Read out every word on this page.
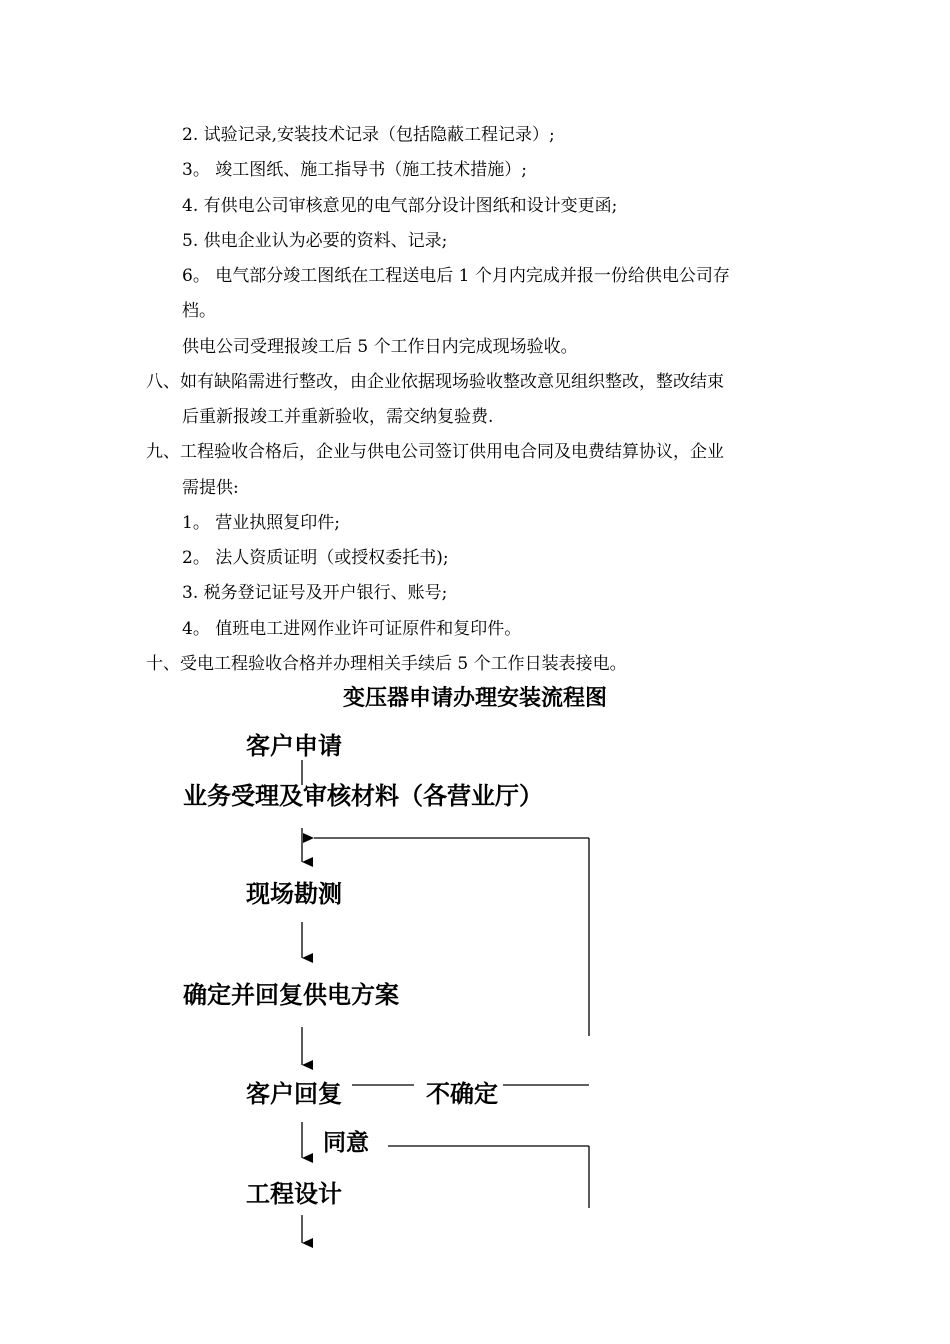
2. 试验记录,安装技术记录（包括隐蔽工程记录）;
3。 竣工图纸、施工指导书（施工技术措施）;
4. 有供电公司审核意见的电气部分设计图纸和设计变更函;
5. 供电企业认为必要的资料、记录;
6。 电气部分竣工图纸在工程送电后 1 个月内完成并报一份给供电公司存
档。
供电公司受理报竣工后 5 个工作日内完成现场验收。
八、如有缺陷需进行整改，由企业依据现场验收整改意见组织整改，整改结束
后重新报竣工并重新验收，需交纳复验费.
九、工程验收合格后，企业与供电公司签订供用电合同及电费结算协议，企业
需提供:
1。 营业执照复印件;
2。 法人资质证明（或授权委托书);
3. 税务登记证号及开户银行、账号;
4。 值班电工进网作业许可证原件和复印件。
十、受电工程验收合格并办理相关手续后 5 个工作日装表接电。
变压器申请办理安装流程图
客户申请
业务受理及审核材料（各营业厅）
现场勘测
确定并回复供电方案
客户回复	不确定
同意
工程设计
